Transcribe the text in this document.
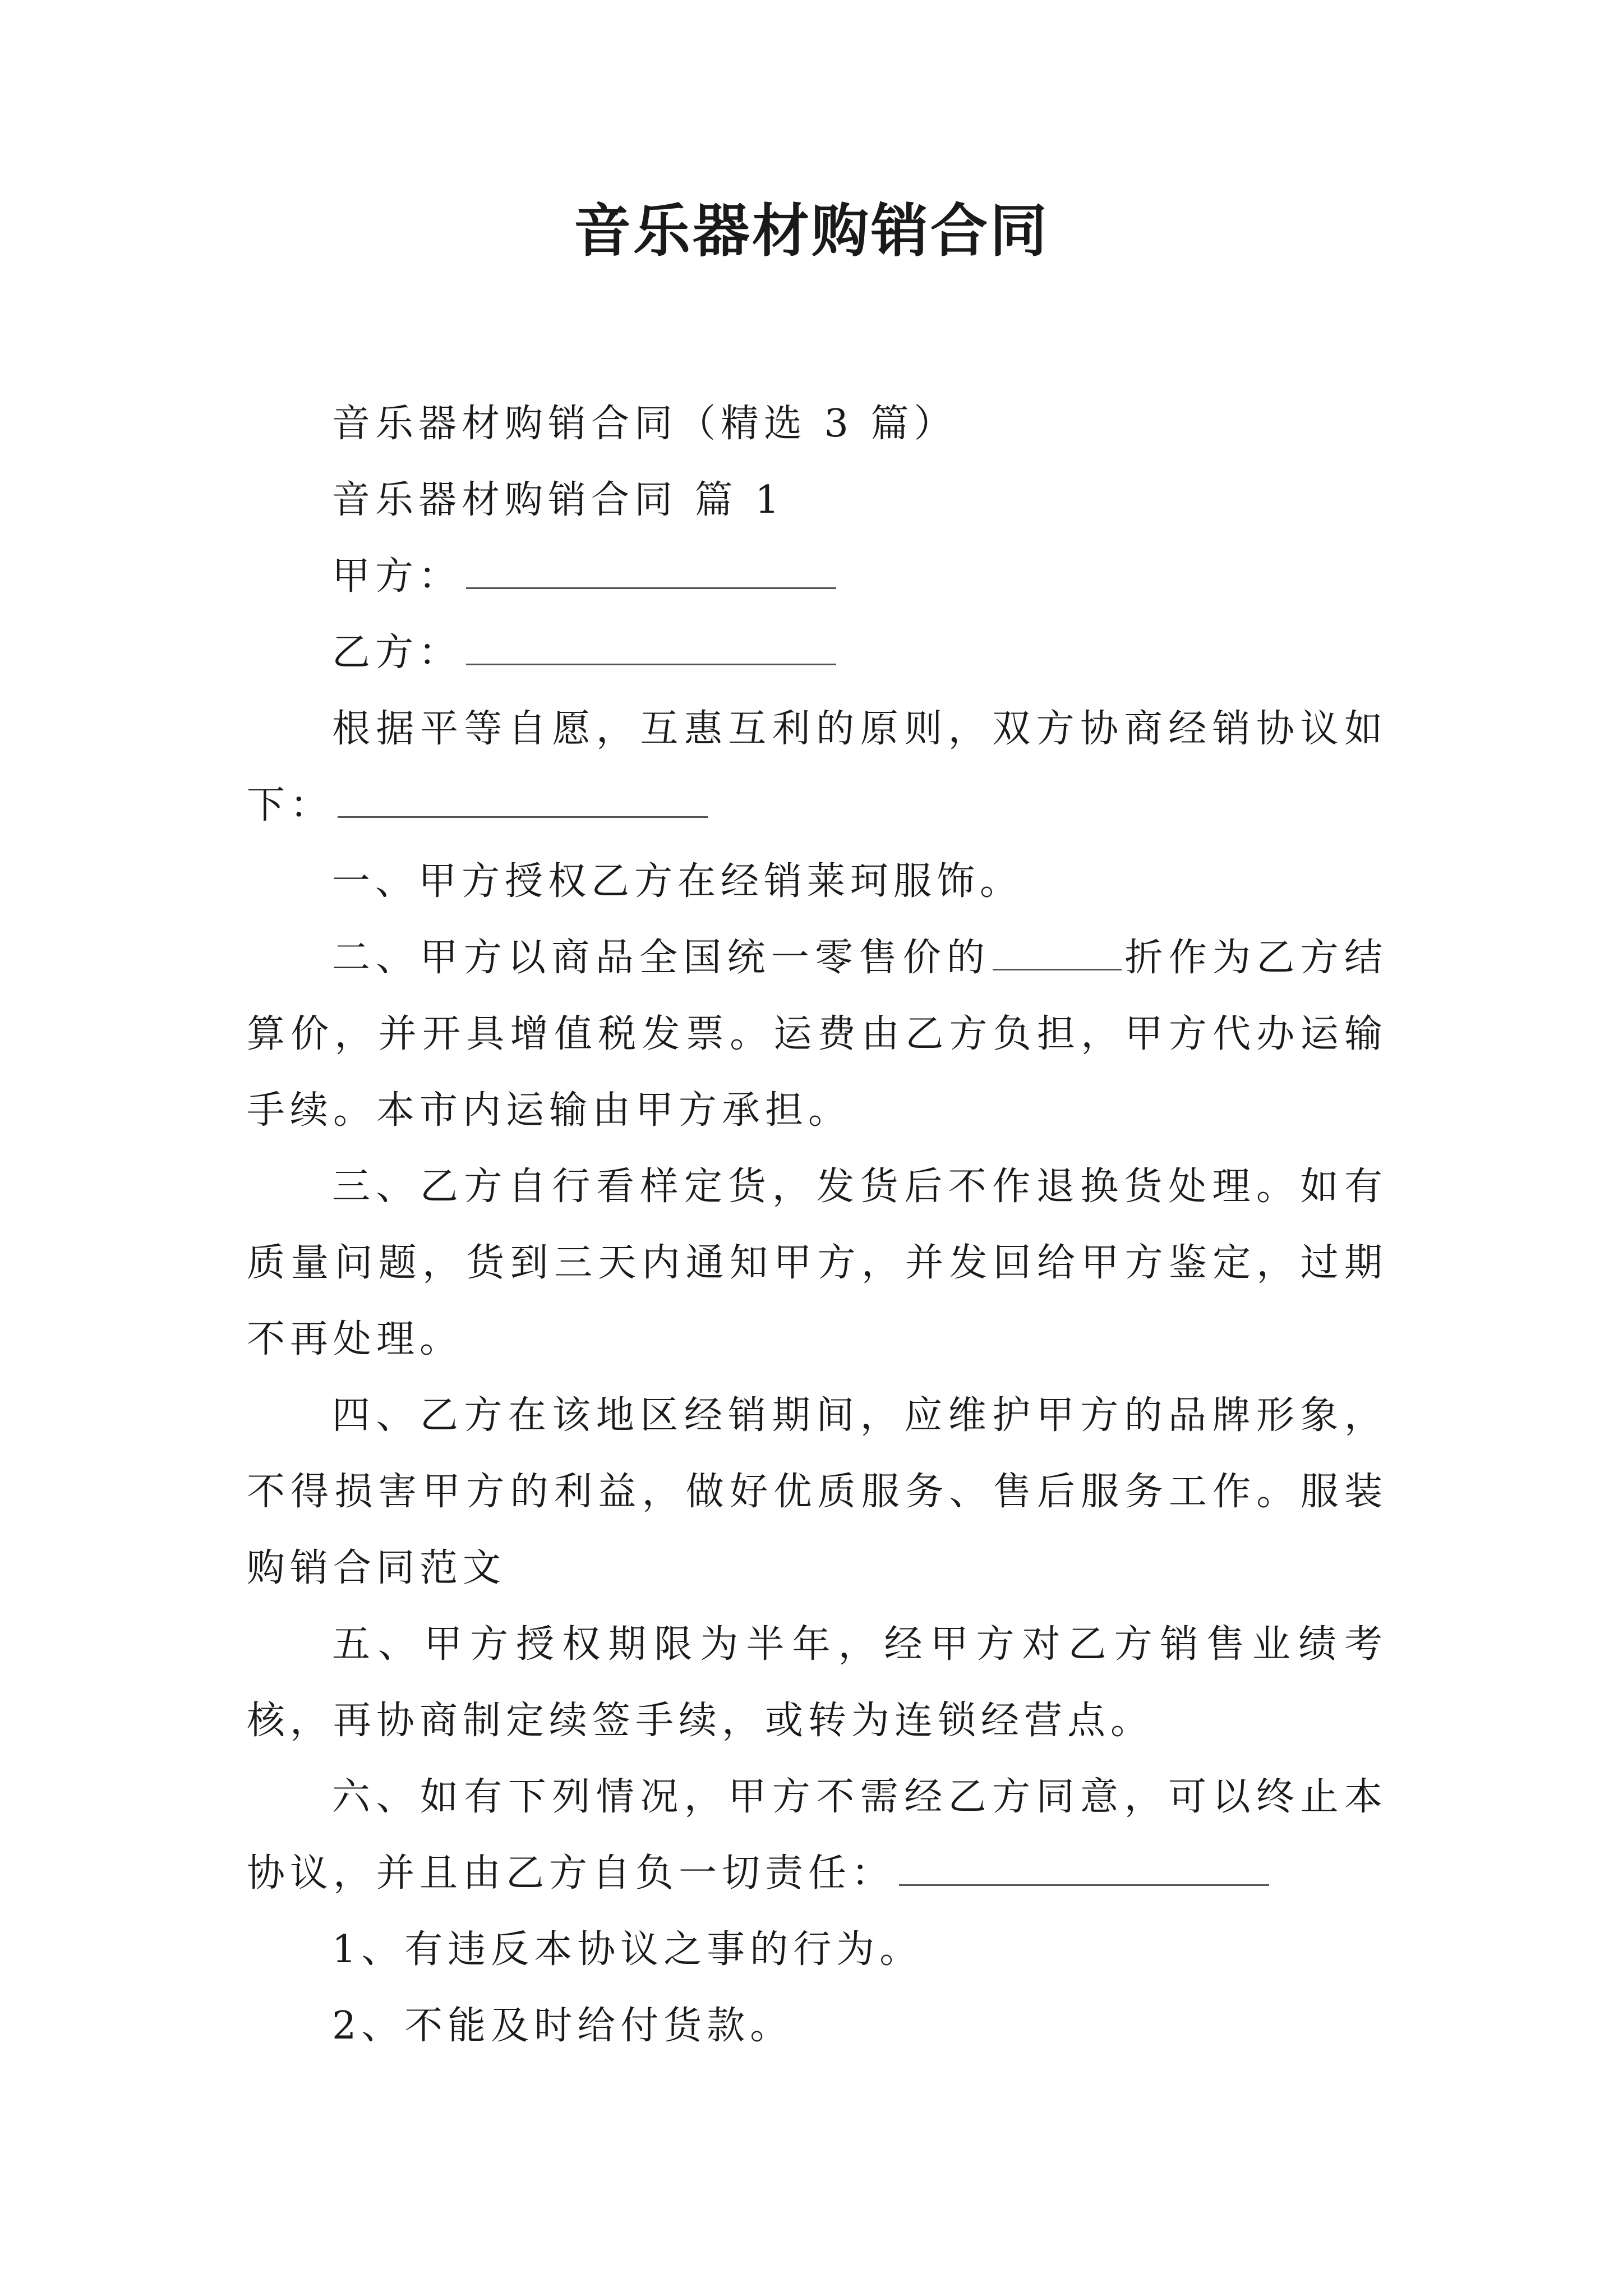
音乐器材购销合同

音乐器材购销合同（精选 3 篇）

音乐器材购销合同 篇 1

甲方：

乙方：

根据平等自愿，互惠互利的原则，双方协商经销协议如下：

一、甲方授权乙方在经销莱珂服饰。

二、甲方以商品全国统一零售价的	折作为乙方结算价，并开具增值税发票。运费由乙方负担，甲方代办运输手续。本市内运输由甲方承担。

三、乙方自行看样定货，发货后不作退换货处理。如有质量问题，货到三天内通知甲方，并发回给甲方鉴定，过期不再处理。

四、乙方在该地区经销期间，应维护甲方的品牌形象，不得损害甲方的利益，做好优质服务、售后服务工作。服装购销合同范文

五、甲方授权期限为半年，经甲方对乙方销售业绩考核，再协商制定续签手续，或转为连锁经营点。

六、如有下列情况，甲方不需经乙方同意，可以终止本协议，并且由乙方自负一切责任：

1、有违反本协议之事的行为。

2、不能及时给付货款。
